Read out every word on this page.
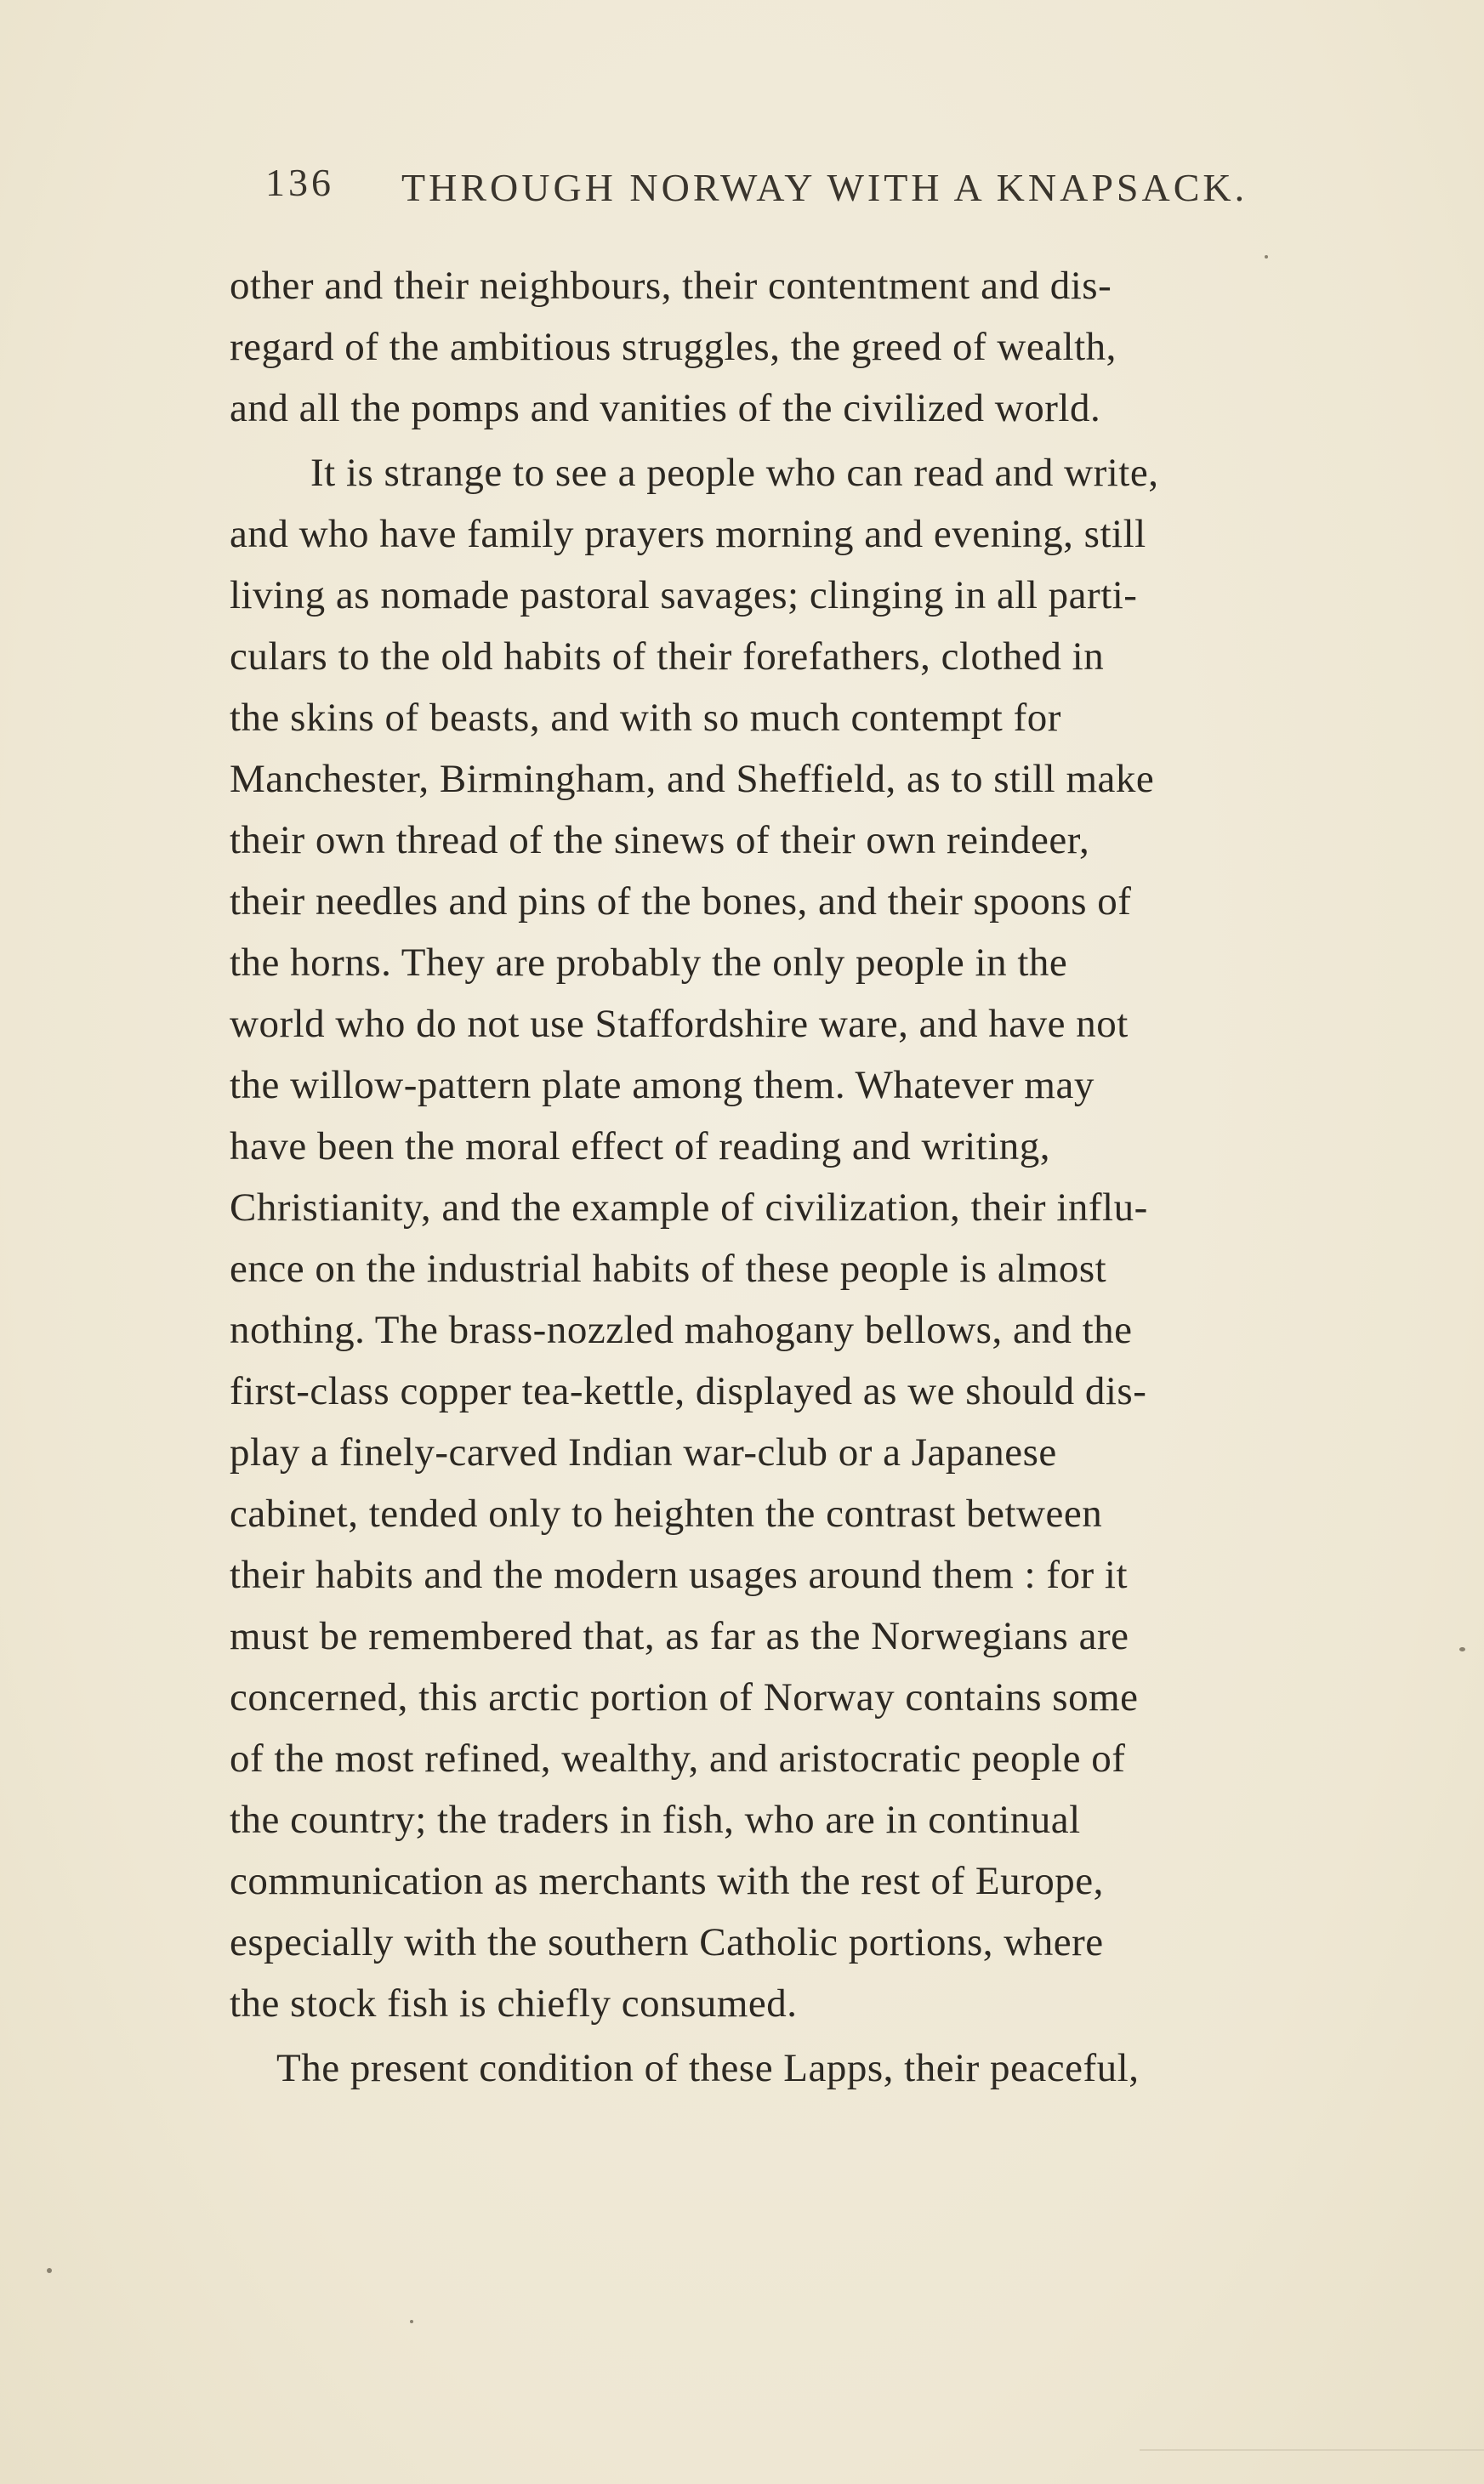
136 THROUGH NORWAY WITH A KNAPSACK.
other and their neighbours, their contentment and dis-
regard of the ambitious struggles, the greed of wealth,
and all the pomps and vanities of the civilized world.
It is strange to see a people who can read and write,
and who have family prayers morning and evening, still
living as nomade pastoral savages; clinging in all parti-
culars to the old habits of their forefathers, clothed in
the skins of beasts, and with so much contempt for
Manchester, Birmingham, and Sheffield, as to still make
their own thread of the sinews of their own reindeer,
their needles and pins of the bones, and their spoons of
the horns. They are probably the only people in the
world who do not use Staffordshire ware, and have not
the willow-pattern plate among them. Whatever may
have been the moral effect of reading and writing,
Christianity, and the example of civilization, their influ-
ence on the industrial habits of these people is almost
nothing. The brass-nozzled mahogany bellows, and the
first-class copper tea-kettle, displayed as we should dis-
play a finely-carved Indian war-club or a Japanese
cabinet, tended only to heighten the contrast between
their habits and the modern usages around them : for it
must be remembered that, as far as the Norwegians are
concerned, this arctic portion of Norway contains some
of the most refined, wealthy, and aristocratic people of
the country; the traders in fish, who are in continual
communication as merchants with the rest of Europe,
especially with the southern Catholic portions, where
the stock fish is chiefly consumed.
The present condition of these Lapps, their peaceful,
